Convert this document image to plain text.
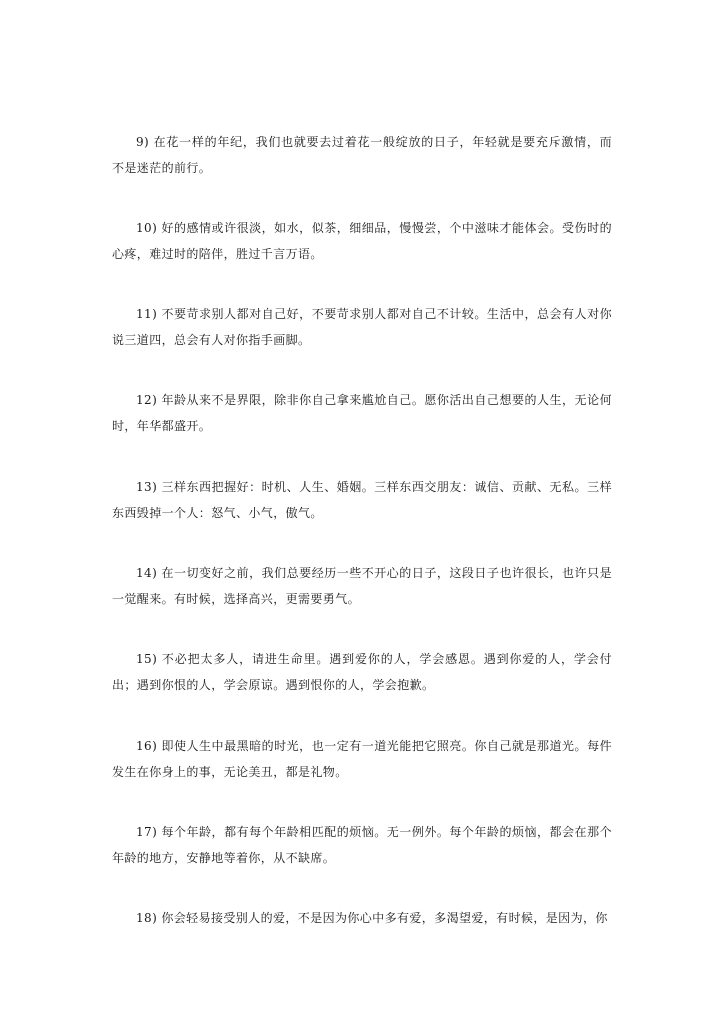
9) 在花一样的年纪，我们也就要去过着花一般绽放的日子，年轻就是要充斥激情，而不是迷茫的前行。

10) 好的感情或许很淡，如水，似茶，细细品，慢慢尝，个中滋味才能体会。受伤时的心疼，难过时的陪伴，胜过千言万语。

11) 不要苛求别人都对自己好，不要苛求别人都对自己不计较。生活中，总会有人对你说三道四，总会有人对你指手画脚。

12) 年龄从来不是界限，除非你自己拿来尴尬自己。愿你活出自己想要的人生，无论何时，年华都盛开。

13) 三样东西把握好：时机、人生、婚姻。三样东西交朋友：诚信、贡献、无私。三样东西毁掉一个人：怒气、小气，傲气。

14) 在一切变好之前，我们总要经历一些不开心的日子，这段日子也许很长，也许只是一觉醒来。有时候，选择高兴，更需要勇气。

15) 不必把太多人，请进生命里。遇到爱你的人，学会感恩。遇到你爱的人，学会付出；遇到你恨的人，学会原谅。遇到恨你的人，学会抱歉。

16) 即使人生中最黑暗的时光，也一定有一道光能把它照亮。你自己就是那道光。每件发生在你身上的事，无论美丑，都是礼物。

17) 每个年龄，都有每个年龄相匹配的烦恼。无一例外。每个年龄的烦恼，都会在那个年龄的地方，安静地等着你，从不缺席。

18) 你会轻易接受别人的爱，不是因为你心中多有爱，多渴望爱，有时候，是因为，你
